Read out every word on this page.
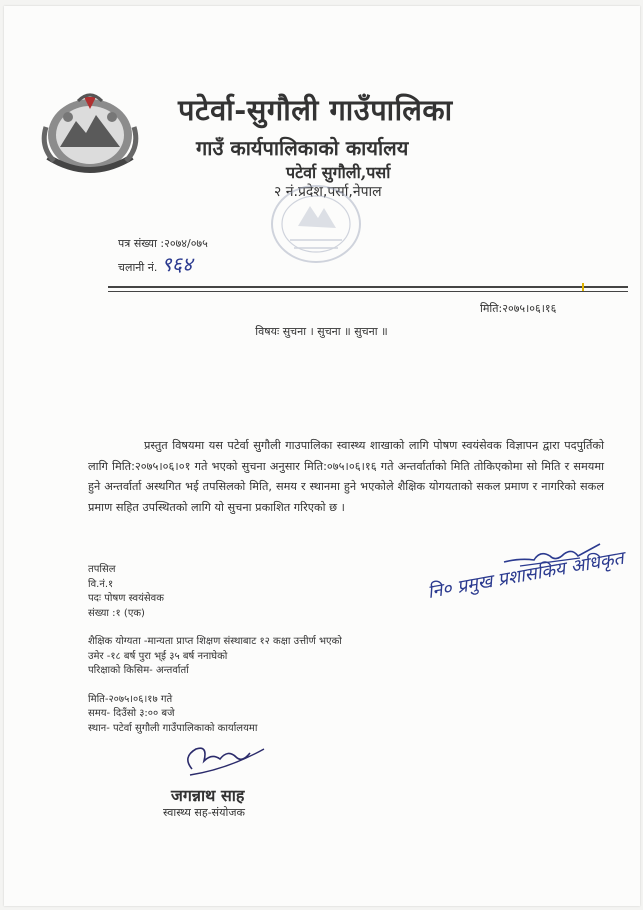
पटेर्वा-सुगौली गाउँपालिका
गाउँ कार्यपालिकाको कार्यालय
पटेर्वा सुगौली,पर्सा
२ नं.प्रदेश,पर्सा,नेपाल
पत्र संख्या :२०७४/०७५
चलानी नं. ९६४
मिति:२०७५।०६।१६
विषयः सुचना । सुचना ॥ सुचना ॥
प्रस्तुत विषयमा यस पटेर्वा सुगौली गाउपालिका स्वास्थ्य शाखाको लागि पोषण स्वयंसेवक विज्ञापन द्वारा पदपुर्तिको लागि मिति:२०७५।०६।०१ गते भएको सुचना अनुसार मिति:०७५।०६।१६ गते अन्तर्वार्ताको मिति तोकिएकोमा सो मिति र समयमा हुने अन्तर्वार्ता अस्थगित भई तपसिलको मिति, समय र स्थानमा हुने भएकोले शैक्षिक योगयताको सकल प्रमाण र नागरिको सकल प्रमाण सहित उपस्थितको लागि यो सुचना प्रकाशित गरिएको छ ।
नि० प्रमुख प्रशासकिय अधिकृत
तपसिल
वि.नं.१
पदः पोषण स्वयंसेवक
संख्या :१ (एक)
शैक्षिक योग्यता -मान्यता प्राप्त शिक्षण संस्थाबाट १२ कक्षा उत्तीर्ण भएको
उमेर -१८ बर्ष पुरा भ्ई ३५ बर्ष ननाघेको
परिक्षाको किसिम- अन्तर्वार्ता
मिति-२०७५।०६।१७ गते
समय- दिउँसो ३:०० बजे
स्थान- पटेर्वा सुगौली गाउँपालिकाको कार्यालयमा
जगन्नाथ साह
स्वास्थ्य सह-संयोजक
